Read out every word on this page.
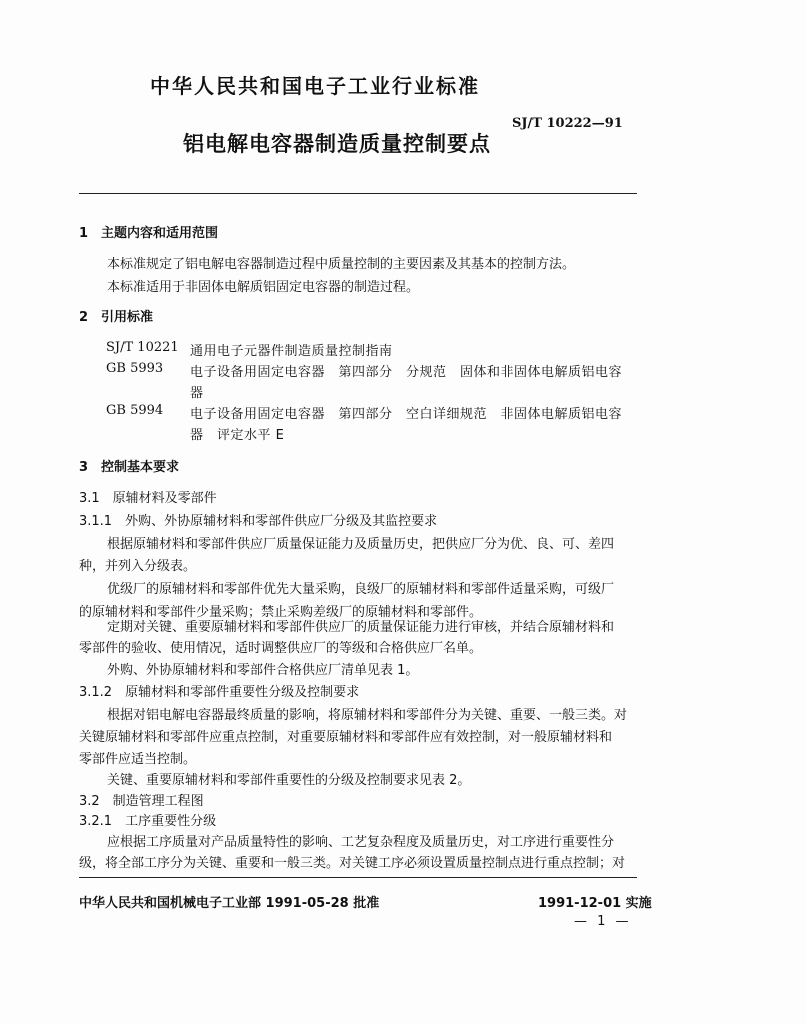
中华人民共和国电子工业行业标准
SJ/T 10222—91
铝电解电容器制造质量控制要点
1　主题内容和适用范围
本标准规定了铝电解电容器制造过程中质量控制的主要因素及其基本的控制方法。
本标准适用于非固体电解质铝固定电容器的制造过程。
2　引用标准
SJ/T 10221 通用电子元器件制造质量控制指南
GB 5993 电子设备用固定电容器　第四部分　分规范　固体和非固体电解质铝电容
器
GB 5994 电子设备用固定电容器　第四部分　空白详细规范　非固体电解质铝电容
器　评定水平 E
3　控制基本要求
3.1　原辅材料及零部件
3.1.1　外购、外协原辅材料和零部件供应厂分级及其监控要求
根据原辅材料和零部件供应厂质量保证能力及质量历史，把供应厂分为优、良、可、差四
种，并列入分级表。
优级厂的原辅材料和零部件优先大量采购，良级厂的原辅材料和零部件适量采购，可级厂
的原辅材料和零部件少量采购；禁止采购差级厂的原辅材料和零部件。
定期对关键、重要原辅材料和零部件供应厂的质量保证能力进行审核，并结合原辅材料和
零部件的验收、使用情况，适时调整供应厂的等级和合格供应厂名单。
外购、外协原辅材料和零部件合格供应厂清单见表 1。
3.1.2　原辅材料和零部件重要性分级及控制要求
根据对铝电解电容器最终质量的影响，将原辅材料和零部件分为关键、重要、一般三类。对
关键原辅材料和零部件应重点控制，对重要原辅材料和零部件应有效控制，对一般原辅材料和
零部件应适当控制。
关键、重要原辅材料和零部件重要性的分级及控制要求见表 2。
3.2　制造管理工程图
3.2.1　工序重要性分级
应根据工序质量对产品质量特性的影响、工艺复杂程度及质量历史，对工序进行重要性分
级，将全部工序分为关键、重要和一般三类。对关键工序必须设置质量控制点进行重点控制；对
中华人民共和国机械电子工业部 1991-05-28 批准	1991-12-01 实施
— 1 —
